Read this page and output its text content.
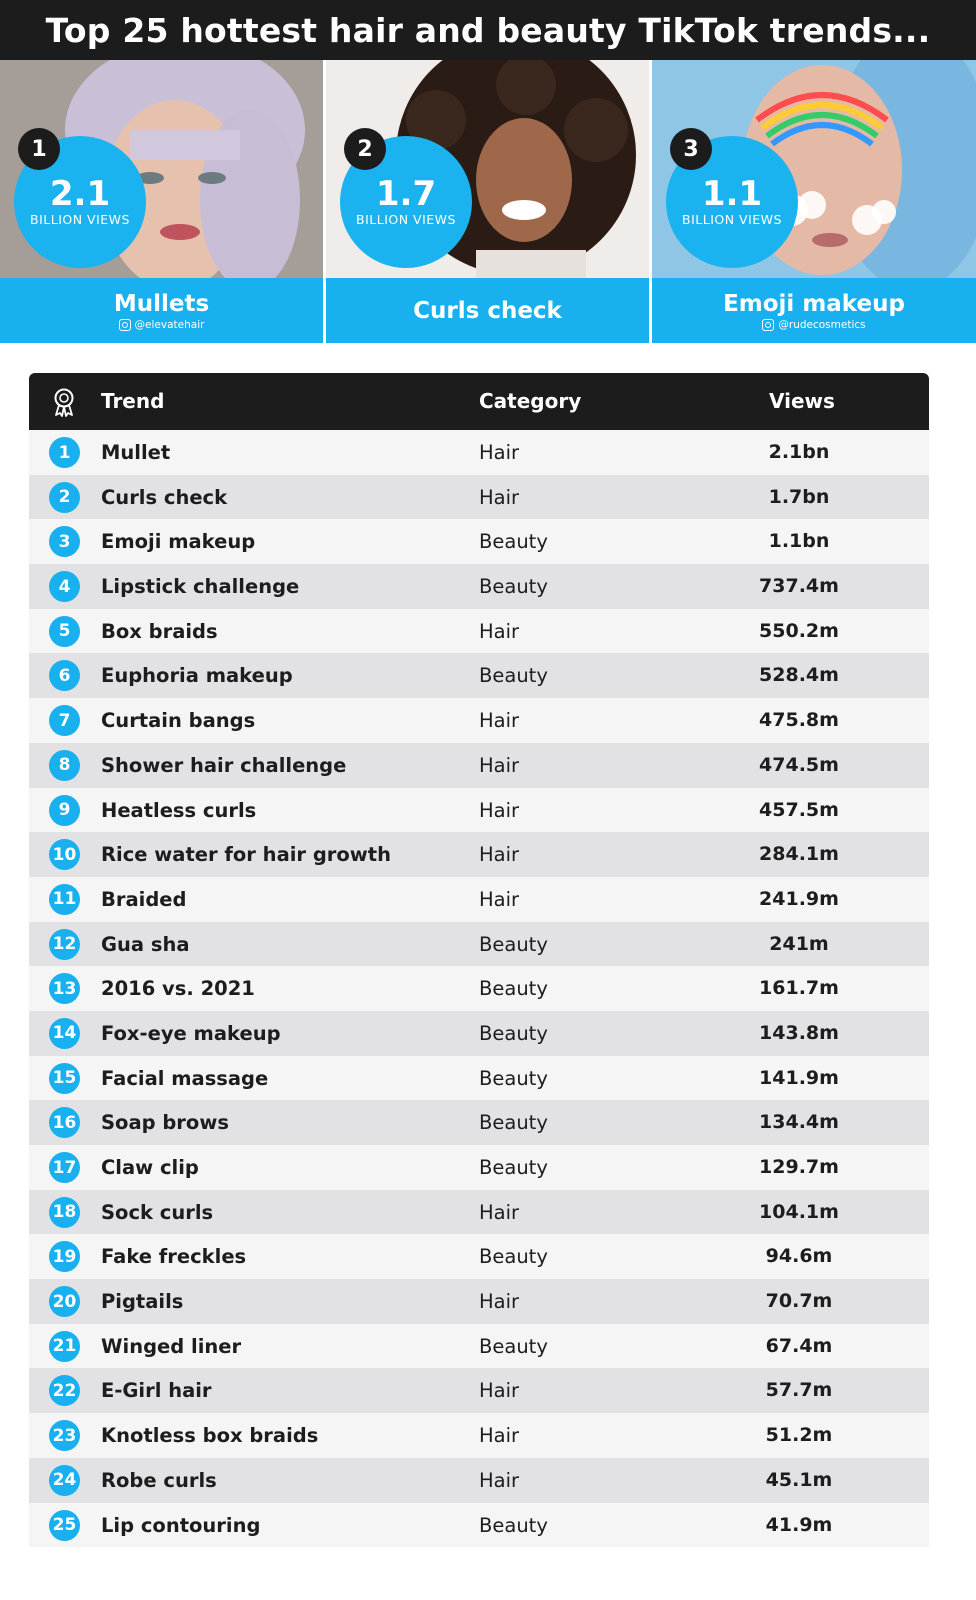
Top 25 hottest hair and beauty TikTok trends...
2.1
BILLION VIEWS
1
Mullets
@elevatehair
1.7
BILLION VIEWS
2
Curls check
1.1
BILLION VIEWS
3
Emoji makeup
@rudecosmetics
Trend	Category	Views
1	Mullet	Hair	2.1bn
2	Curls check	Hair	1.7bn
3	Emoji makeup	Beauty	1.1bn
4	Lipstick challenge	Beauty	737.4m
5	Box braids	Hair	550.2m
6	Euphoria makeup	Beauty	528.4m
7	Curtain bangs	Hair	475.8m
8	Shower hair challenge	Hair	474.5m
9	Heatless curls	Hair	457.5m
10 Rice water for hair growth	Hair	284.1m
11 Braided	Hair	241.9m
12 Gua sha	Beauty	241m
13 2016 vs. 2021	Beauty	161.7m
14 Fox-eye makeup	Beauty	143.8m
15 Facial massage	Beauty	141.9m
16 Soap brows	Beauty	134.4m
17 Claw clip	Beauty	129.7m
18 Sock curls	Hair	104.1m
19 Fake freckles	Beauty	94.6m
20 Pigtails	Hair	70.7m
21 Winged liner	Beauty	67.4m
22 E-Girl hair	Hair	57.7m
23 Knotless box braids	Hair	51.2m
24 Robe curls	Hair	45.1m
25 Lip contouring	Beauty	41.9m
